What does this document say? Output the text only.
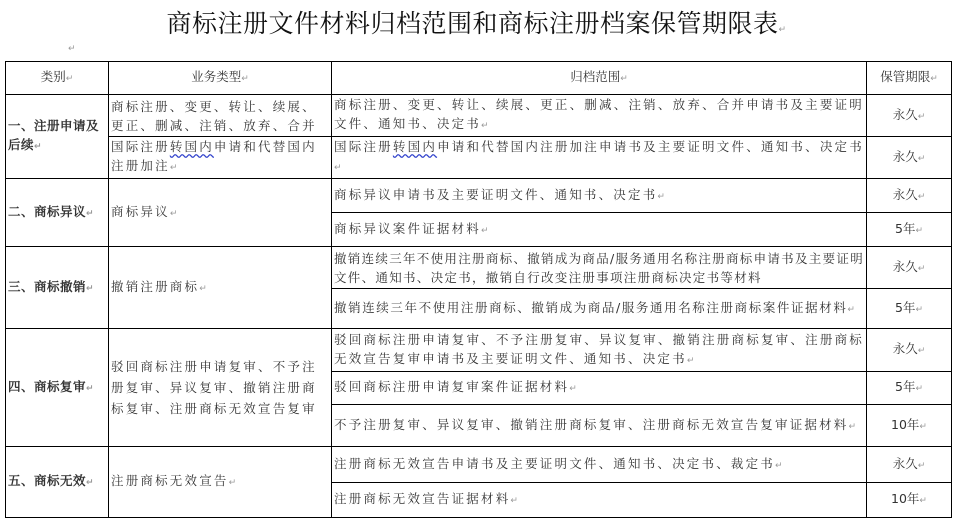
商标注册文件材料归档范围和商标注册档案保管期限表↵
↵
类别↵	业务类型↵	归档范围↵	保管期限↵
一、注册申请及后续↵	商标注册、变更、转让、续展、更正、删减、注销、放弃、合并	商标注册、变更、转让、续展、更正、删减、注销、放弃、合并申请书及主要证明文件、通知书、决定书↵	永久↵
	国际注册转国内申请和代替国内注册加注↵	国际注册转国内申请和代替国内注册加注申请书及主要证明文件、通知书、决定书↵	永久↵
二、商标异议↵	商标异议↵	商标异议申请书及主要证明文件、通知书、决定书↵	永久↵
		商标异议案件证据材料↵	5年↵
三、商标撤销↵	撤销注册商标↵	撤销连续三年不使用注册商标、撤销成为商品/服务通用名称注册商标申请书及主要证明文件、通知书、决定书，撤销自行改变注册事项注册商标决定书等材料	永久↵
		撤销连续三年不使用注册商标、撤销成为商品/服务通用名称注册商标案件证据材料↵	5年↵
四、商标复审↵	驳回商标注册申请复审、不予注册复审、异议复审、撤销注册商标复审、注册商标无效宣告复审	驳回商标注册申请复审、不予注册复审、异议复审、撤销注册商标复审、注册商标无效宣告复审申请书及主要证明文件、通知书、决定书↵	永久↵
		驳回商标注册申请复审案件证据材料↵	5年↵
		不予注册复审、异议复审、撤销注册商标复审、注册商标无效宣告复审证据材料↵	10年↵
五、商标无效↵	注册商标无效宣告↵	注册商标无效宣告申请书及主要证明文件、通知书、决定书、裁定书↵	永久↵
		注册商标无效宣告证据材料↵	10年↵
